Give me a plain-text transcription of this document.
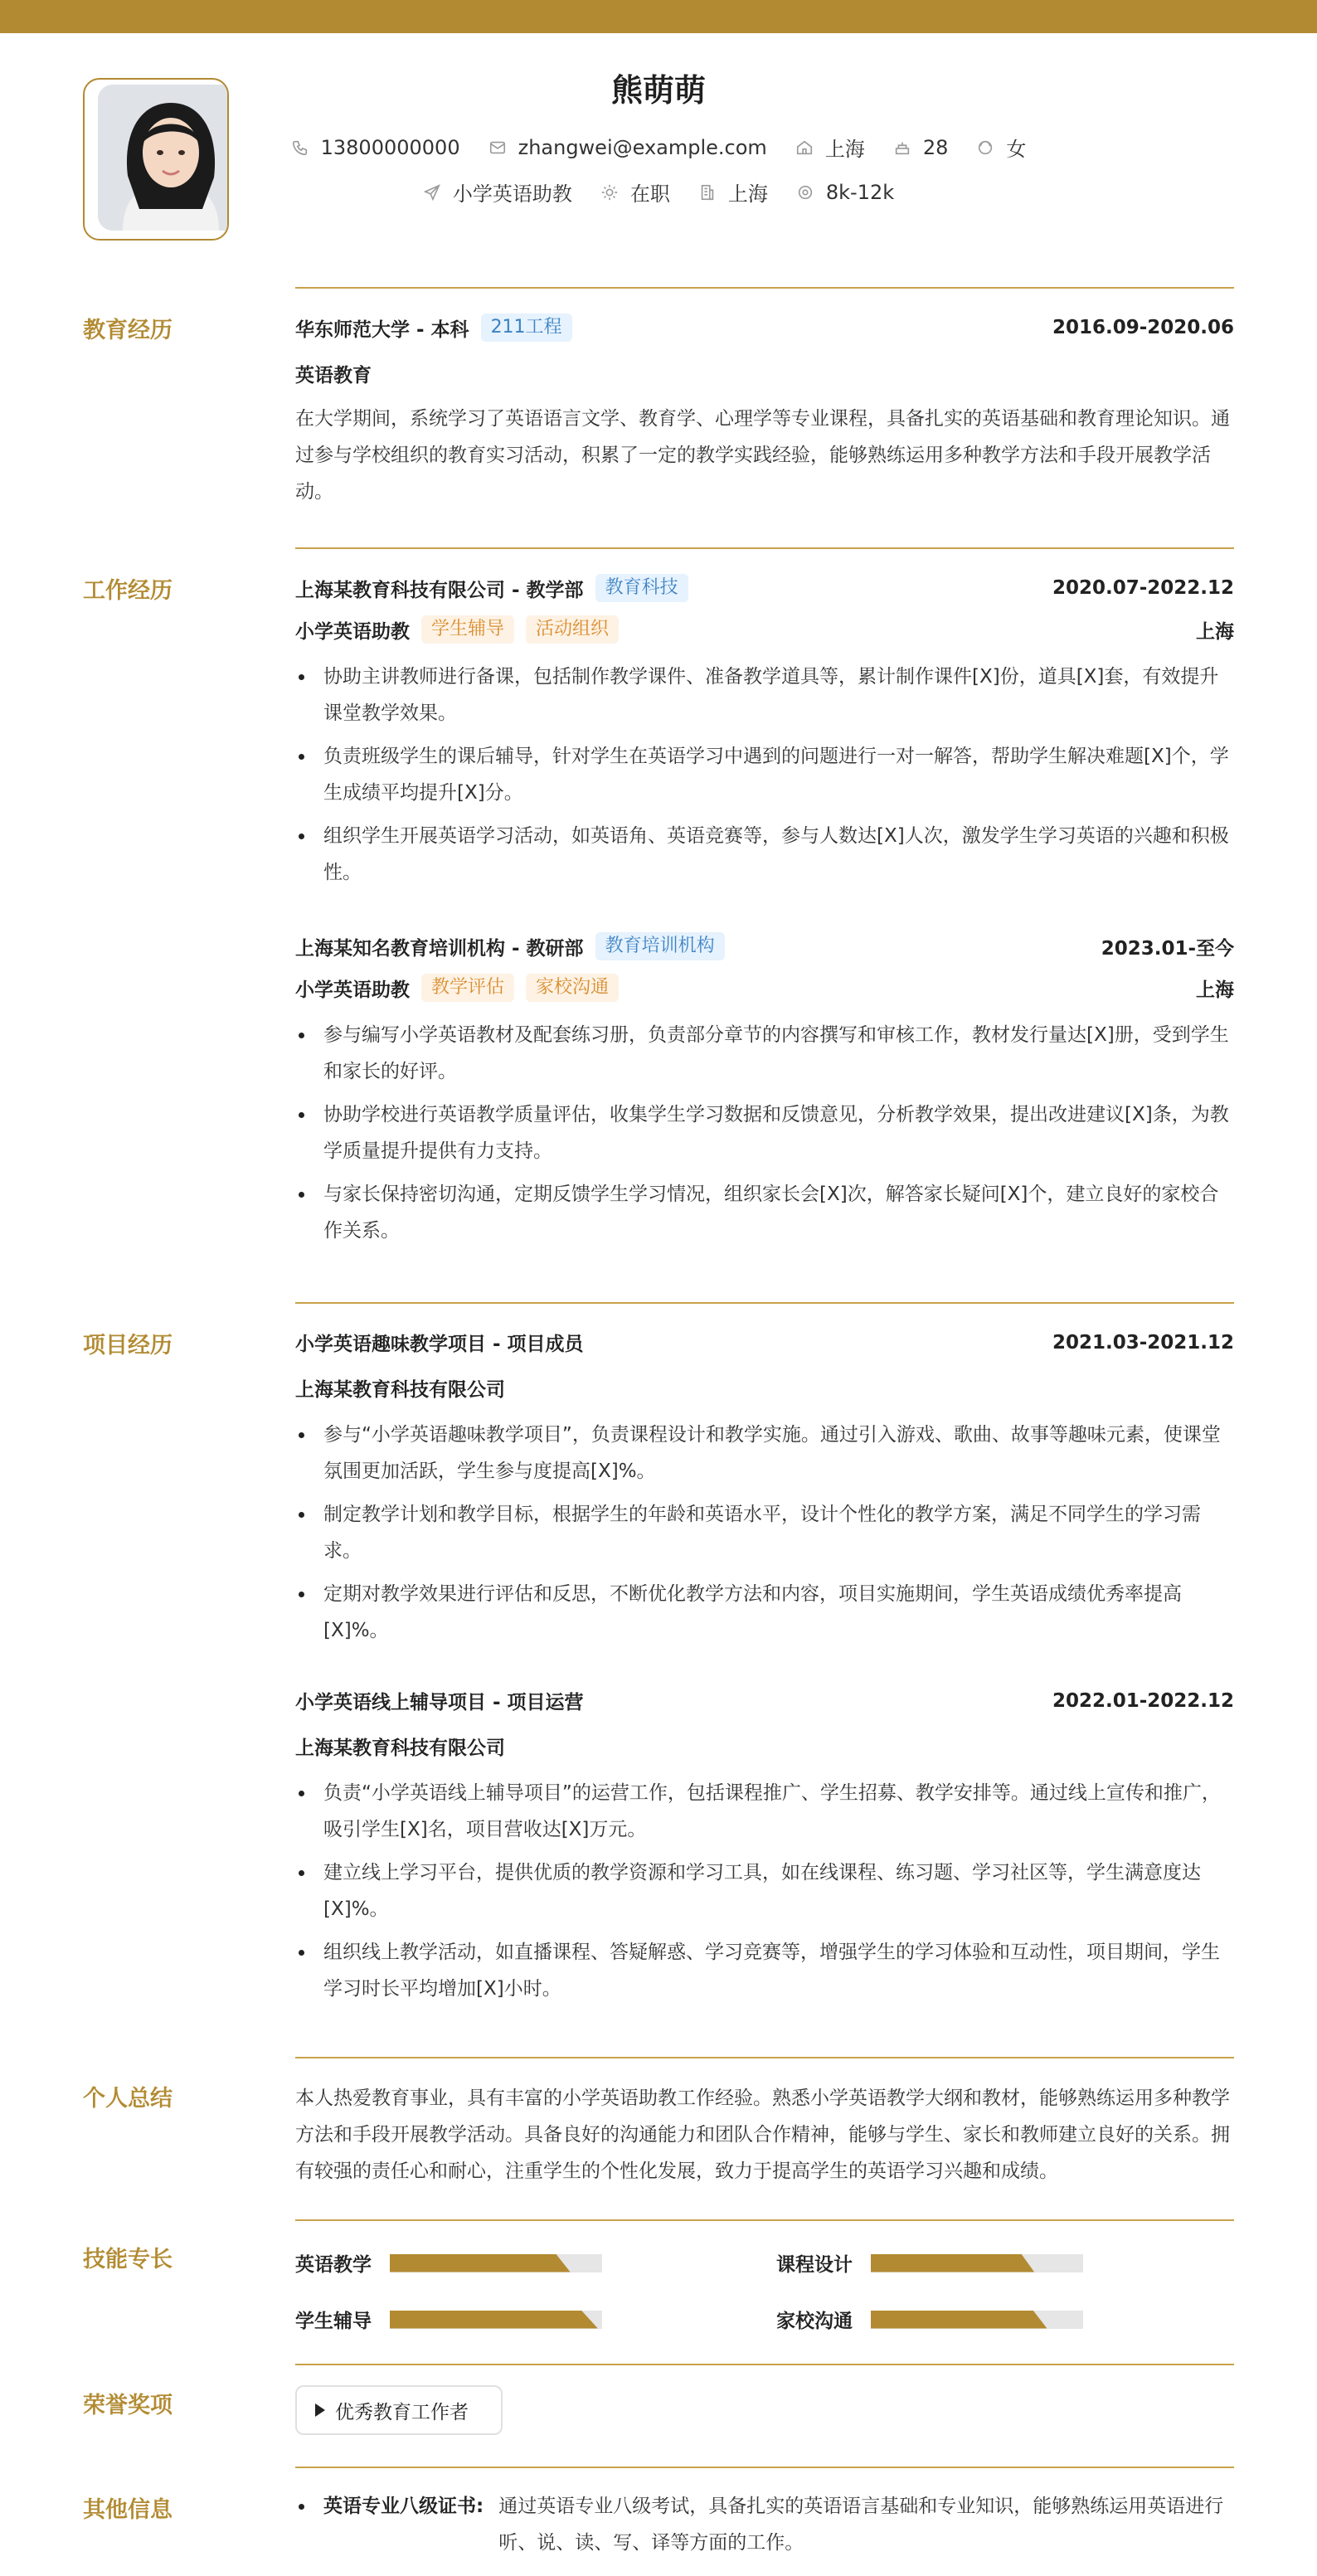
熊萌萌
13800000000	zhangwei@example.com	上海	28	女
小学英语助教	在职	上海	8k-12k
教育经历	华东师范大学 - 本科	211工程	2016.09-2020.06
英语教育
在大学期间，系统学习了英语语言文学、教育学、心理学等专业课程，具备扎实的英语基础和教育理论知识。通过参与学校组织的教育实习活动，积累了一定的教学实践经验，能够熟练运用多种教学方法和手段开展教学活动。
工作经历	上海某教育科技有限公司 - 教学部	教育科技	2020.07-2022.12
小学英语助教	学生辅导	活动组织	上海
协助主讲教师进行备课，包括制作教学课件、准备教学道具等，累计制作课件[X]份，道具[X]套，有效提升课堂教学效果。
负责班级学生的课后辅导，针对学生在英语学习中遇到的问题进行一对一解答，帮助学生解决难题[X]个，学生成绩平均提升[X]分。
组织学生开展英语学习活动，如英语角、英语竞赛等，参与人数达[X]人次，激发学生学习英语的兴趣和积极性。
上海某知名教育培训机构 - 教研部	教育培训机构	2023.01-至今
小学英语助教	教学评估	家校沟通	上海
参与编写小学英语教材及配套练习册，负责部分章节的内容撰写和审核工作，教材发行量达[X]册，受到学生和家长的好评。
协助学校进行英语教学质量评估，收集学生学习数据和反馈意见，分析教学效果，提出改进建议[X]条，为教学质量提升提供有力支持。
与家长保持密切沟通，定期反馈学生学习情况，组织家长会[X]次，解答家长疑问[X]个，建立良好的家校合作关系。
项目经历	小学英语趣味教学项目 - 项目成员	2021.03-2021.12
上海某教育科技有限公司
参与“小学英语趣味教学项目”，负责课程设计和教学实施。通过引入游戏、歌曲、故事等趣味元素，使课堂氛围更加活跃，学生参与度提高[X]%。
制定教学计划和教学目标，根据学生的年龄和英语水平，设计个性化的教学方案，满足不同学生的学习需求。
定期对教学效果进行评估和反思，不断优化教学方法和内容，项目实施期间，学生英语成绩优秀率提高[X]%。
小学英语线上辅导项目 - 项目运营	2022.01-2022.12
上海某教育科技有限公司
负责“小学英语线上辅导项目”的运营工作，包括课程推广、学生招募、教学安排等。通过线上宣传和推广，吸引学生[X]名，项目营收达[X]万元。
建立线上学习平台，提供优质的教学资源和学习工具，如在线课程、练习题、学习社区等，学生满意度达[X]%。
组织线上教学活动，如直播课程、答疑解惑、学习竞赛等，增强学生的学习体验和互动性，项目期间，学生学习时长平均增加[X]小时。
个人总结	本人热爱教育事业，具有丰富的小学英语助教工作经验。熟悉小学英语教学大纲和教材，能够熟练运用多种教学方法和手段开展教学活动。具备良好的沟通能力和团队合作精神，能够与学生、家长和教师建立良好的关系。拥有较强的责任心和耐心，注重学生的个性化发展，致力于提高学生的英语学习兴趣和成绩。
技能专长	英语教学	课程设计
学生辅导	家校沟通
荣誉奖项	优秀教育工作者
其他信息	英语专业八级证书: 通过英语专业八级考试，具备扎实的英语语言基础和专业知识，能够熟练运用英语进行听、说、读、写、译等方面的工作。
